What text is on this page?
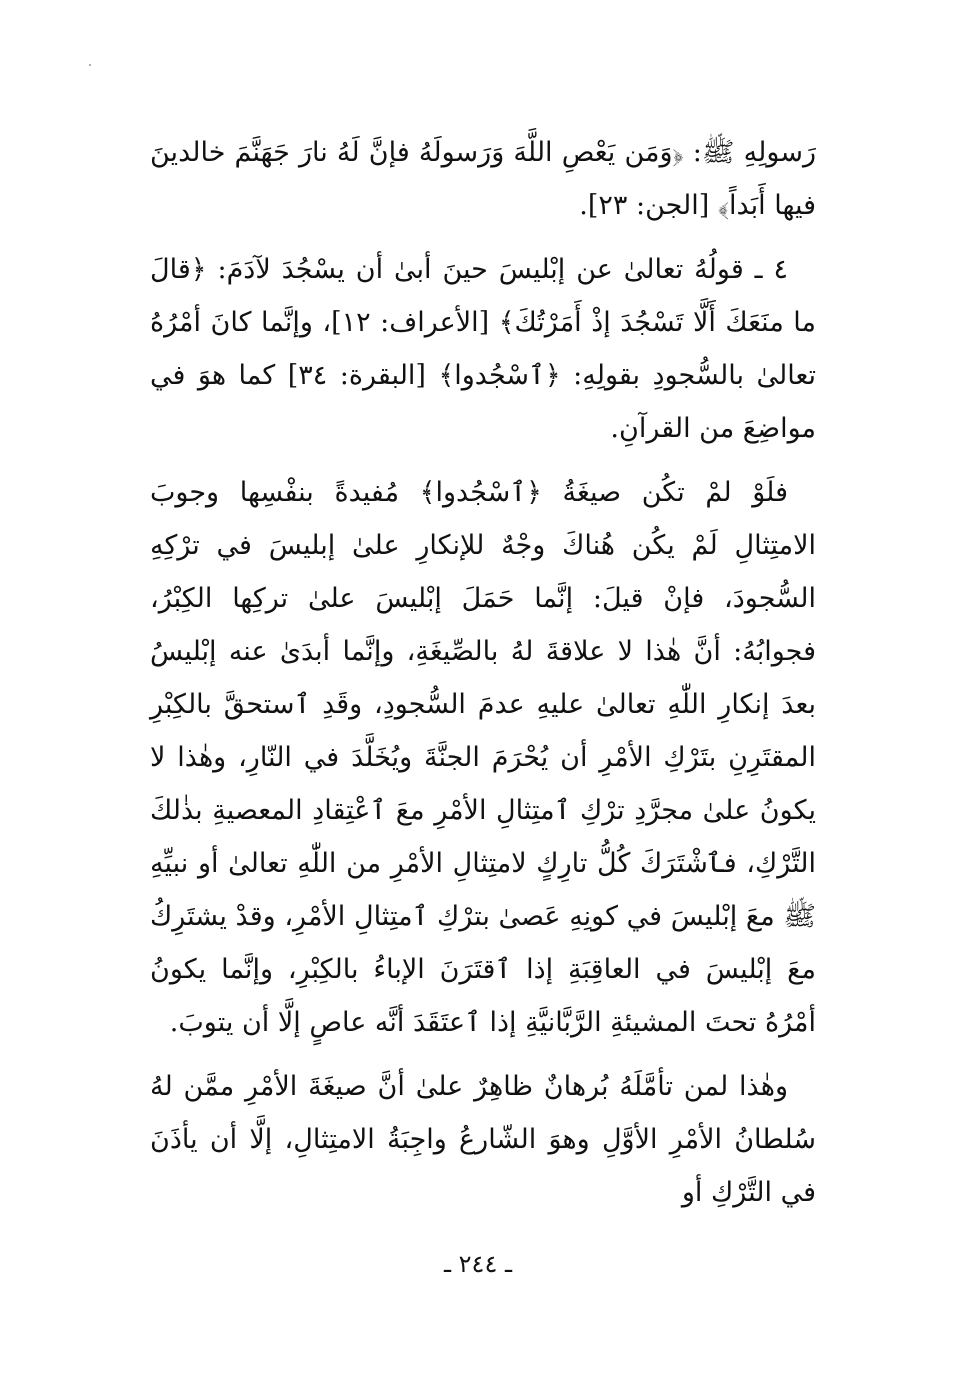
رَسولِهِ ﷺ: ﴿وَمَن يَعْصِ اللَّهَ وَرَسولَهُ فإنَّ لَهُ نارَ جَهَنَّمَ خالدينَ فيها أَبَداً﴾ [الجن: ٢٣].

٤ ـ قولُهُ تعالىٰ عن إبْليسَ حينَ أبىٰ أن يسْجُدَ لآدَمَ: ﴿قالَ ما منَعَكَ أَلَّا تَسْجُدَ إذْ أَمَرْتُكَ﴾ [الأعراف: ١٢]، وإنَّما كانَ أمْرُهُ تعالىٰ بالسُّجودِ بقولِهِ: ﴿ٱسْجُدوا﴾ [البقرة: ٣٤] كما هوَ في مواضِعَ من القرآنِ.

فلَوْ لمْ تكُن صيغَةُ ﴿ٱسْجُدوا﴾ مُفيدةً بنفْسِها وجوبَ الامتِثالِ لَمْ يكُن هُناكَ وجْهٌ للإنكارِ علىٰ إبليسَ في ترْكِهِ السُّجودَ، فإنْ قيلَ: إنَّما حَمَلَ إبْليسَ علىٰ تركِها الكِبْرُ، فجوابُهُ: أنَّ هٰذا لا علاقةَ لهُ بالصِّيغَةِ، وإنَّما أبدَىٰ عنه إبْليسُ بعدَ إنكارِ اللّٰهِ تعالىٰ عليهِ عدمَ السُّجودِ، وقَدِ ٱستحقَّ بالكِبْرِ المقتَرِنِ بتَرْكِ الأمْرِ أن يُحْرَمَ الجنَّةَ ويُخَلَّدَ في النّارِ، وهٰذا لا يكونُ علىٰ مجرَّدِ ترْكِ ٱمتِثالِ الأمْرِ معَ ٱعْتِقادِ المعصيةِ بذٰلكَ التَّرْكِ، فٱشْتَرَكَ كُلُّ تارِكٍ لامتِثالِ الأمْرِ من اللّٰهِ تعالىٰ أو نبيِّهِ ﷺ معَ إبْليسَ في كونِهِ عَصىٰ بترْكِ ٱمتِثالِ الأمْرِ، وقدْ يشتَرِكُ معَ إبْليسَ في العاقِبَةِ إذا ٱقتَرَنَ الإباءُ بالكِبْرِ، وإنَّما يكونُ أمْرُهُ تحتَ المشيئةِ الرَّبَّانيَّةِ إذا ٱعتَقَدَ أنَّه عاصٍ إلَّا أن يتوبَ.

وهٰذا لمن تأمَّلَهُ بُرهانٌ ظاهِرٌ علىٰ أنَّ صيغَةَ الأمْرِ ممَّن لهُ سُلطانُ الأمْرِ الأوَّلِ وهوَ الشّارعُ واجِبَةُ الامتِثالِ، إلَّا أن يأذَنَ في التَّرْكِ أو

ـ ٢٤٤ ـ
